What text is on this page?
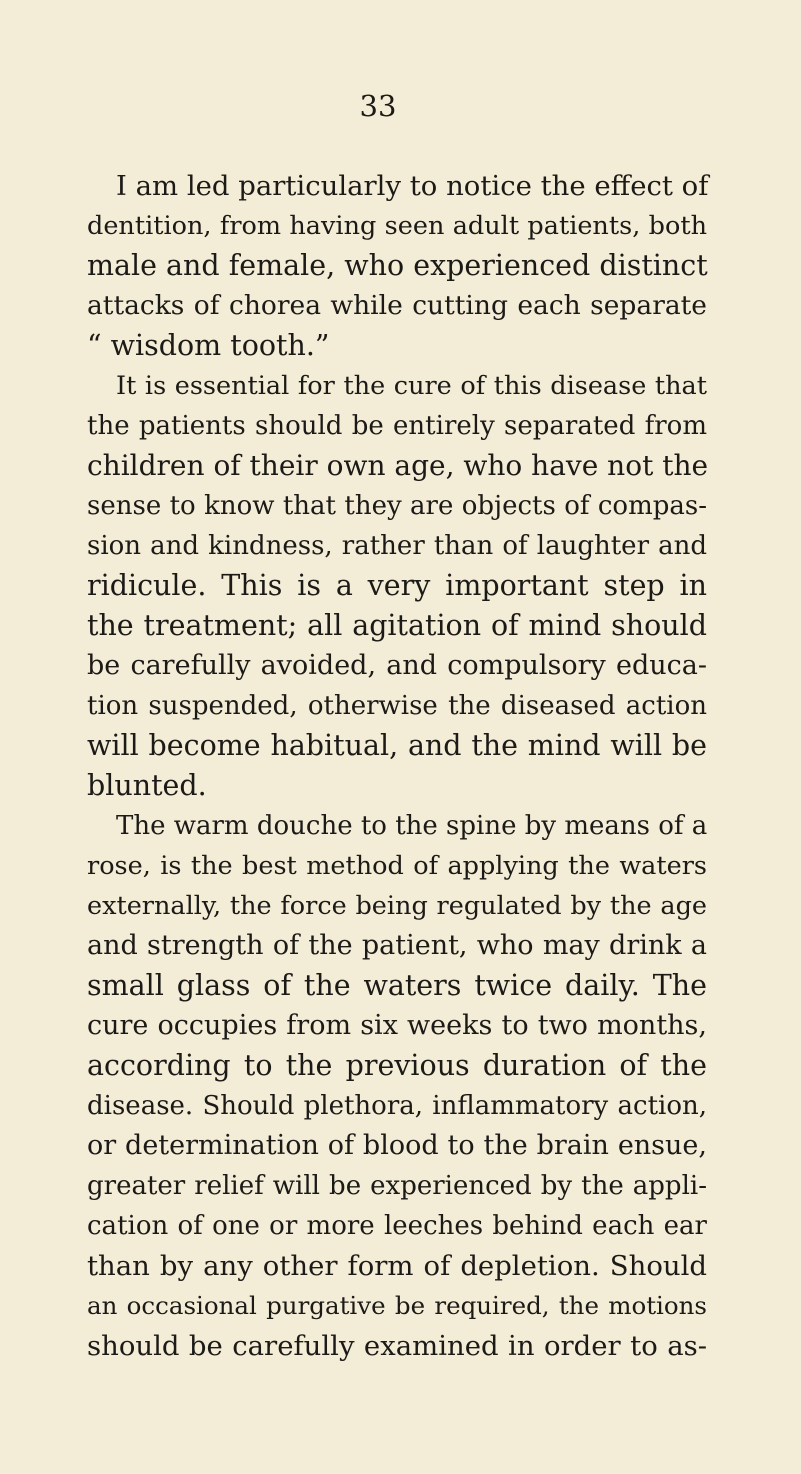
33
I am led particularly to notice the effect of
dentition, from having seen adult patients, both
male and female, who experienced distinct
attacks of chorea while cutting each separate
“ wisdom tooth.”
It is essential for the cure of this disease that
the patients should be entirely separated from
children of their own age, who have not the
sense to know that they are objects of compas-
sion and kindness, rather than of laughter and
ridicule. This is a very important step in
the treatment; all agitation of mind should
be carefully avoided, and compulsory educa-
tion suspended, otherwise the diseased action
will become habitual, and the mind will be
blunted.
The warm douche to the spine by means of a
rose, is the best method of applying the waters
externally, the force being regulated by the age
and strength of the patient, who may drink a
small glass of the waters twice daily. The
cure occupies from six weeks to two months,
according to the previous duration of the
disease. Should plethora, inflammatory action,
or determination of blood to the brain ensue,
greater relief will be experienced by the appli-
cation of one or more leeches behind each ear
than by any other form of depletion. Should
an occasional purgative be required, the motions
should be carefully examined in order to as-
